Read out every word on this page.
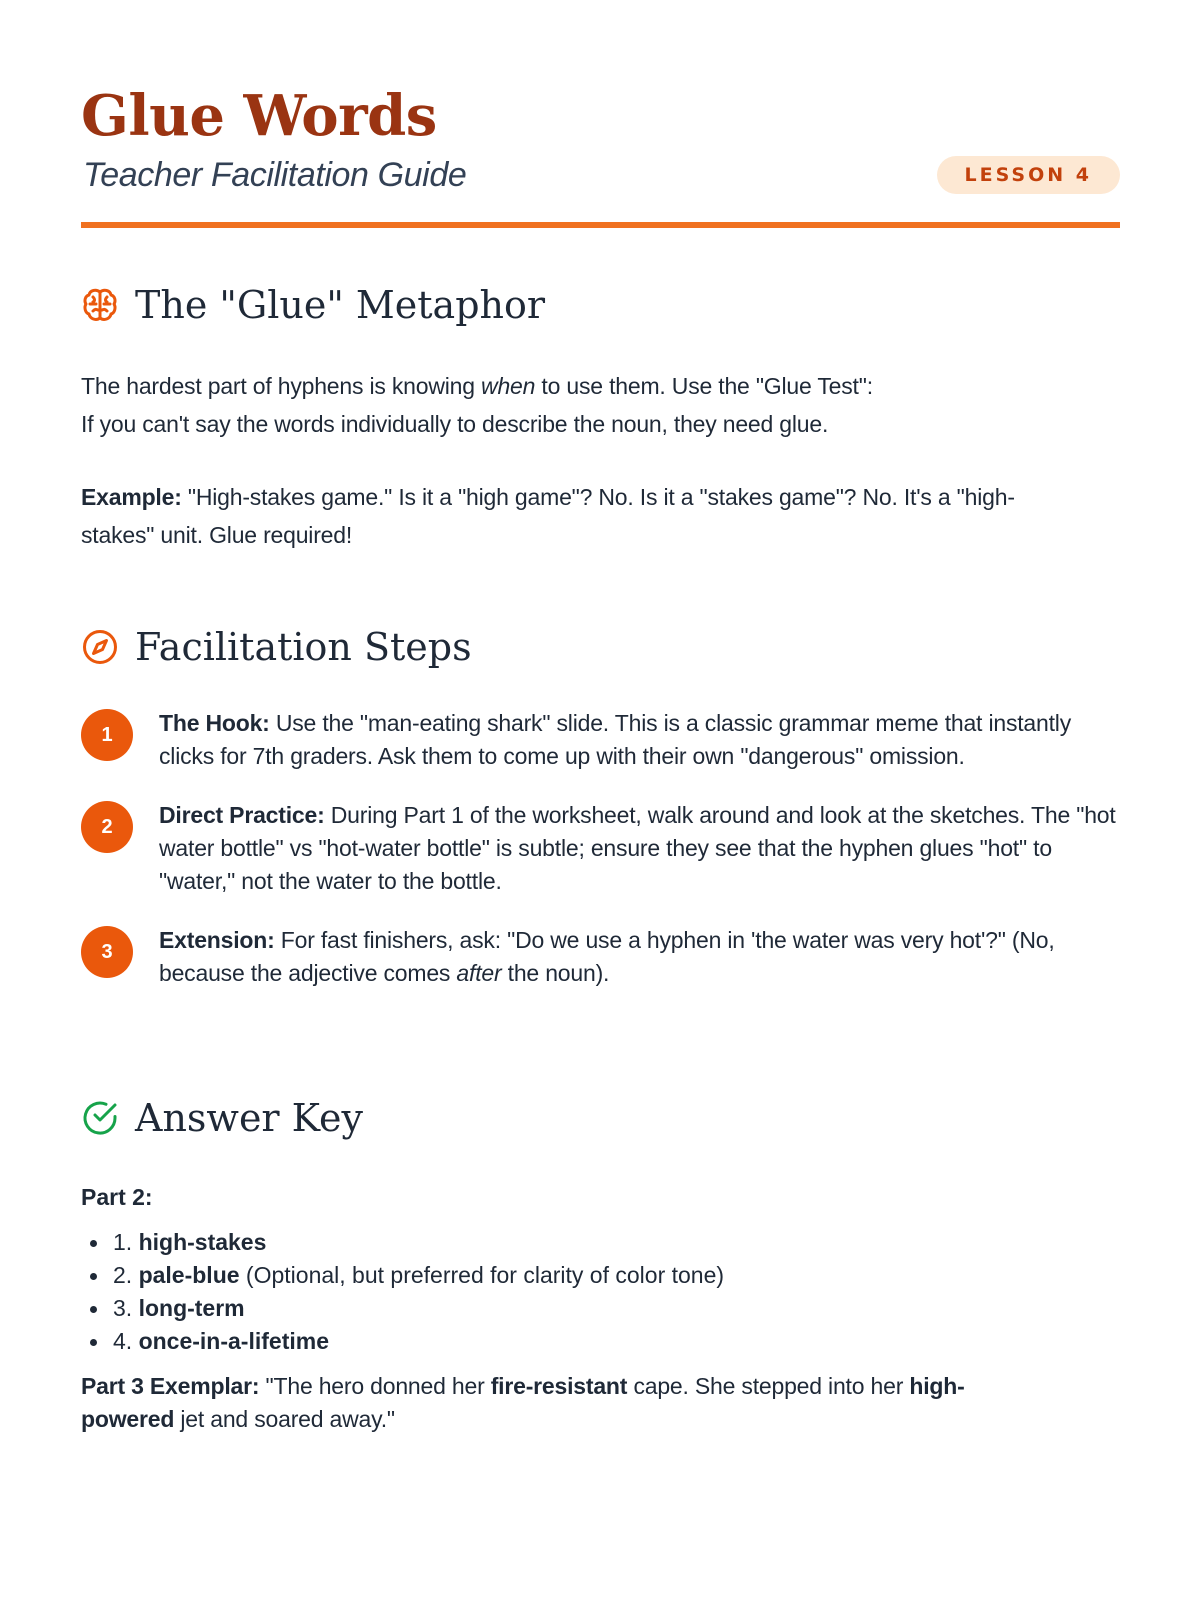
Glue Words

Teacher Facilitation Guide	LESSON 4
The "Glue" Metaphor
The hardest part of hyphens is knowing when to use them. Use the "Glue Test":
If you can't say the words individually to describe the noun, they need glue.
Example: "High-stakes game." Is it a "high game"? No. Is it a "stakes game"? No. It's a "high-stakes" unit. Glue required!
Facilitation Steps
1	The Hook: Use the "man-eating shark" slide. This is a classic grammar meme that instantly clicks for 7th graders. Ask them to come up with their own "dangerous" omission.
2	Direct Practice: During Part 1 of the worksheet, walk around and look at the sketches. The "hot water bottle" vs "hot-water bottle" is subtle; ensure they see that the hyphen glues "hot" to "water," not the water to the bottle.
3	Extension: For fast finishers, ask: "Do we use a hyphen in 'the water was very hot'?" (No, because the adjective comes after the noun).
Answer Key
Part 2:
1. high-stakes
2. pale-blue (Optional, but preferred for clarity of color tone)
3. long-term
4. once-in-a-lifetime
Part 3 Exemplar: "The hero donned her fire-resistant cape. She stepped into her high-powered jet and soared away."
